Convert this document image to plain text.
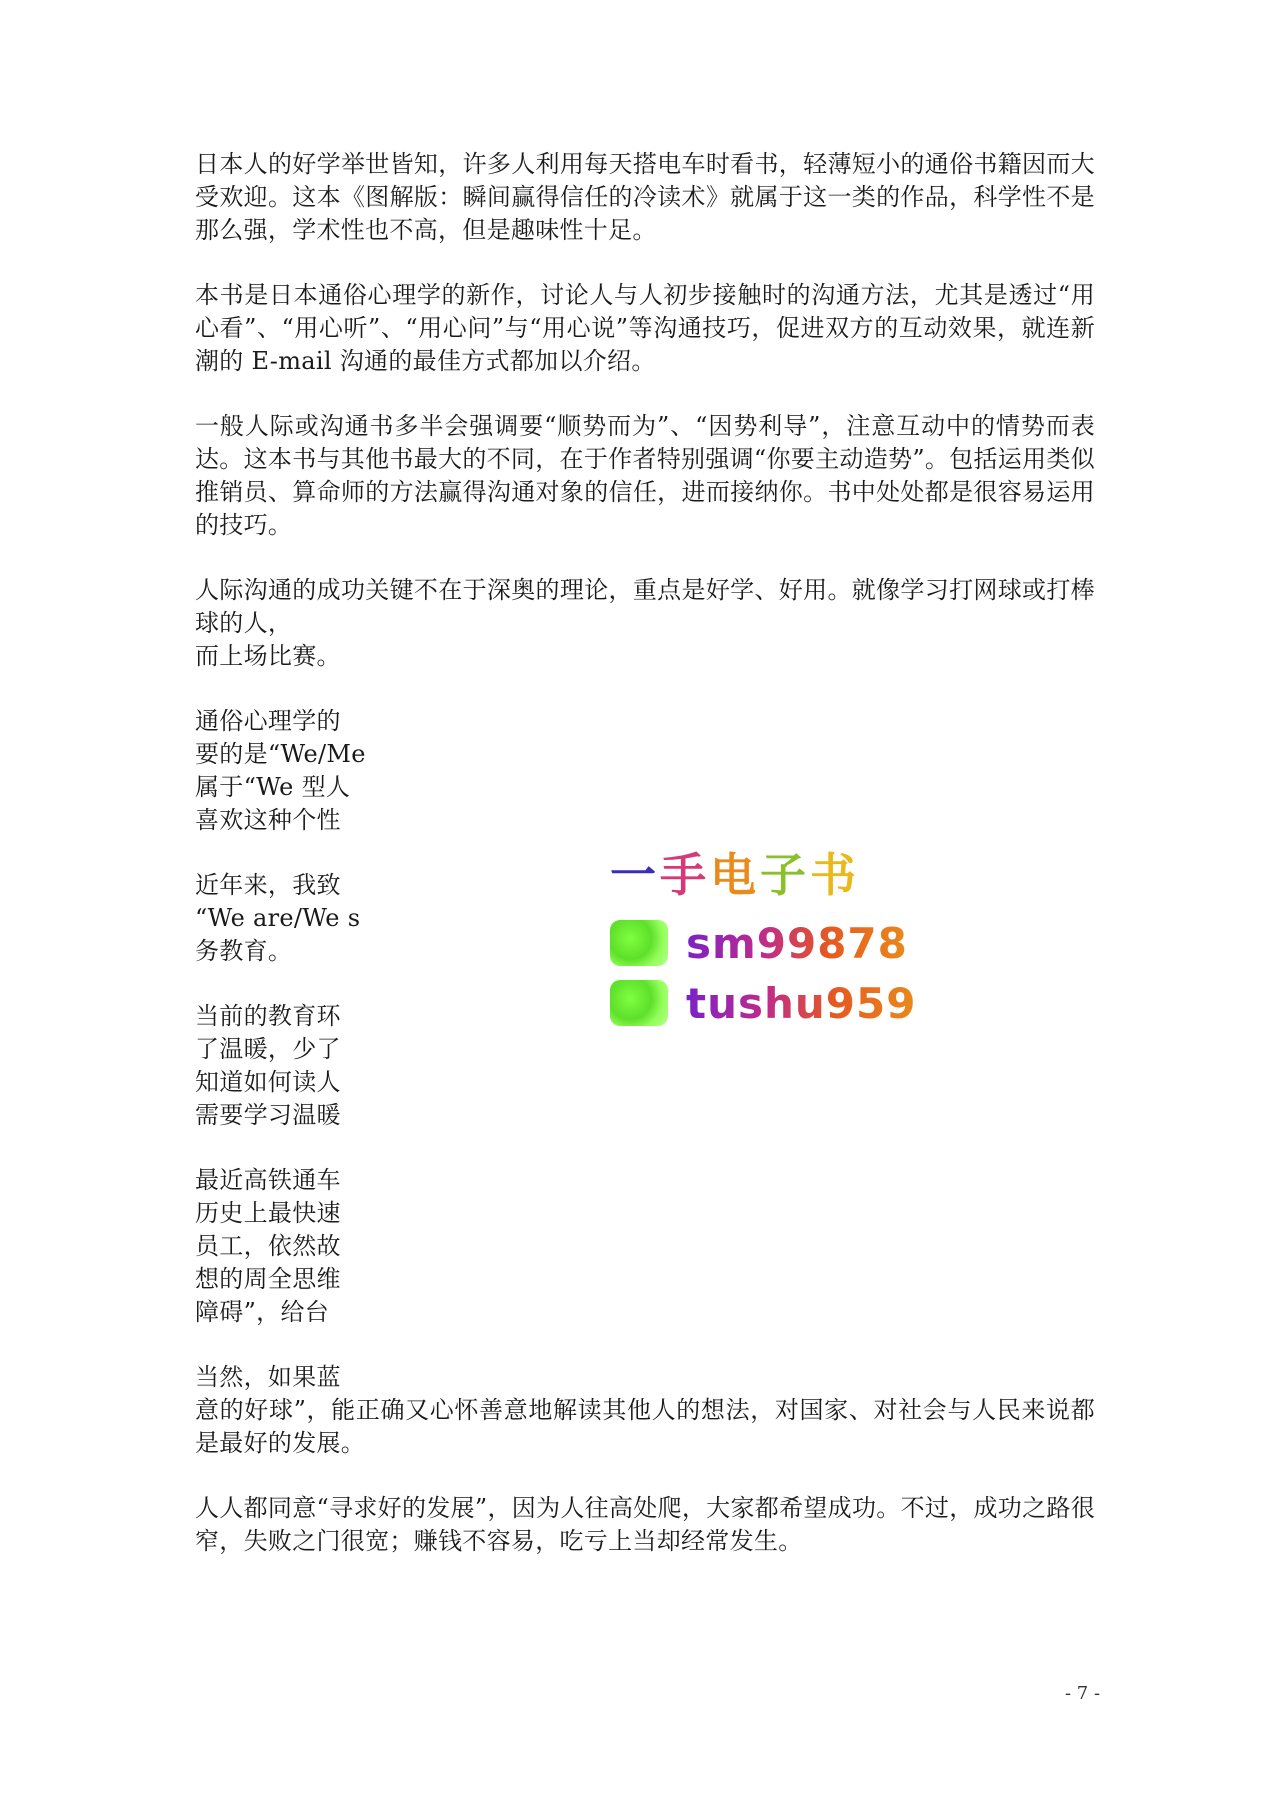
日本人的好学举世皆知，许多人利用每天搭电车时看书，轻薄短小的通俗书籍因而大受欢迎。这本《图解版：瞬间赢得信任的冷读术》就属于这一类的作品，科学性不是那么强，学术性也不高，但是趣味性十足。

本书是日本通俗心理学的新作，讨论人与人初步接触时的沟通方法，尤其是透过“用心看”、“用心听”、“用心问”与“用心说”等沟通技巧，促进双方的互动效果，就连新潮的 E-mail 沟通的最佳方式都加以介绍。

一般人际或沟通书多半会强调要“顺势而为”、“因势利导”，注意互动中的情势而表达。这本书与其他书最大的不同，在于作者特别强调“你要主动造势”。包括运用类似推销员、算命师的方法赢得沟通对象的信任，进而接纳你。书中处处都是很容易运用的技巧。

人际沟通的成功关键不在于深奥的理论，重点是好学、好用。就像学习打网球或打棒球的人，
而上场比赛。

通俗心理学的
要的是“We/Me
属于“We 型人
喜欢这种个性

近年来，我致
“We are/We s
务教育。

当前的教育环
了温暖，少了
知道如何读人
需要学习温暖

最近高铁通车
历史上最快速
员工，依然故
想的周全思维
障碍”，给台

当然，如果蓝
意的好球”，能正确又心怀善意地解读其他人的想法，对国家、对社会与人民来说都是最好的发展。

人人都同意“寻求好的发展”，因为人往高处爬，大家都希望成功。不过，成功之路很窄，失败之门很宽；赚钱不容易，吃亏上当却经常发生。

一手电子书
sm99878
tushu959
- 7 -
